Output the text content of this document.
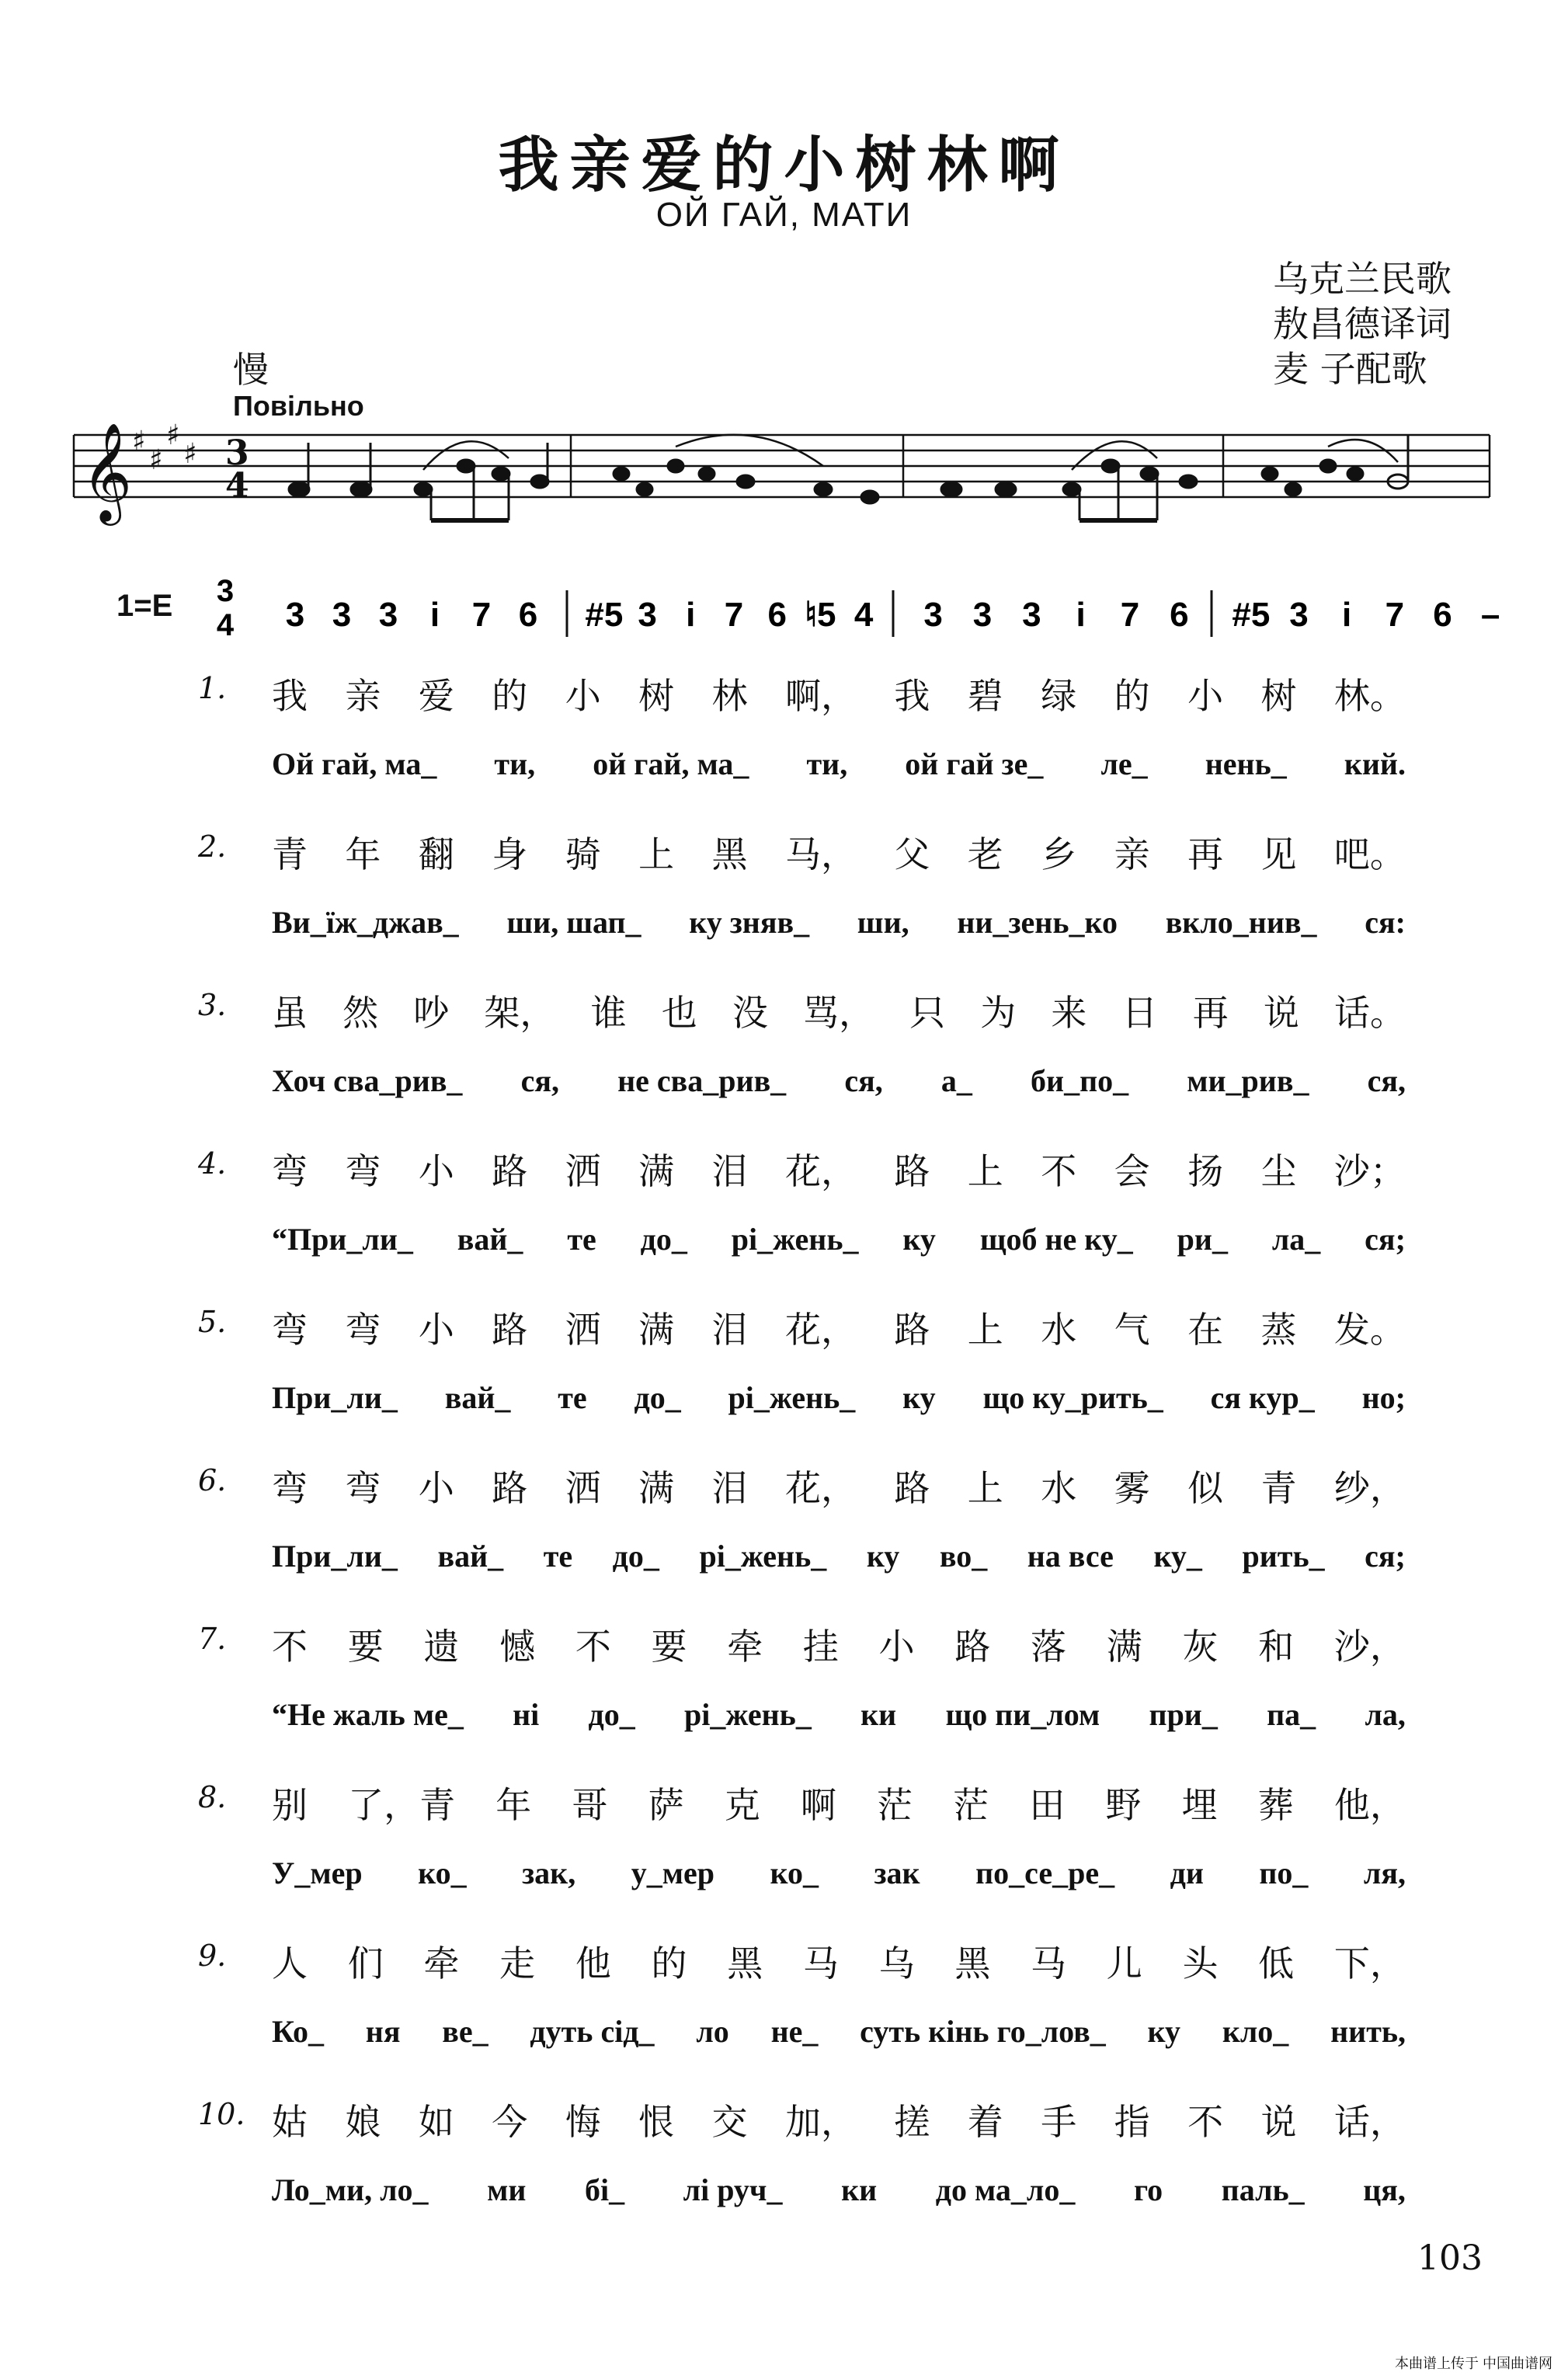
我亲爱的小树林啊
ОЙ ГАЙ, МАТИ
乌克兰民歌
敖昌德译词
麦 子配歌
慢
Повільно
𝄞 ♯
♯
♯
♯ 3
4
1=E 3
4 3 3 3 i 7 6 #5 3 i 7 6 ♮5 4 3 3 3 i 7 6 #5 3 i 7 6 –
1. 我 亲 爱 的 小 树 林 啊， 我 碧 绿 的 小 树 林。
Ой гай, ма_ ти, ой гай, ма_ ти, ой гай зе_ ле_ нень_ кий.
2. 青 年 翻 身 骑 上 黑 马， 父 老 乡 亲 再 见 吧。
Ви_їж_джав_ ши, шап_ ку зняв_ ши, ни_зень_ко вкло_нив_ ся:
3. 虽 然 吵 架， 谁 也 没 骂， 只 为 来 日 再 说 话。
Хоч сва_рив_ ся, не сва_рив_ ся, а_ би_по_ ми_рив_ ся,
4. 弯 弯 小 路 洒 满 泪 花， 路 上 不 会 扬 尘 沙；
“При_ли_ вай_ те до_ рі_жень_ ку щоб не ку_ ри_ ла_ ся;
5. 弯 弯 小 路 洒 满 泪 花， 路 上 水 气 在 蒸 发。
При_ли_ вай_ те до_ рі_жень_ ку що ку_рить_ ся кур_ но;
6. 弯 弯 小 路 洒 满 泪 花， 路 上 水 雾 似 青 纱，
При_ли_ вай_ те до_ рі_жень_ ку во_ на все ку_ рить_ ся;
7. 不 要 遗 憾 不 要 牵 挂 小 路 落 满 灰 和 沙，
“Не жаль ме_ ні до_ рі_жень_ ки що пи_лом при_ па_ ла,
8. 别 了，青 年 哥 萨 克 啊 茫 茫 田 野 埋 葬 他，
У_мер ко_ зак, у_мер ко_ зак по_се_ре_ ди по_ ля,
9. 人 们 牵 走 他 的 黑 马 乌 黑 马 儿 头 低 下，
Ко_ ня ве_ дуть сід_ ло не_ суть кінь го_лов_ ку кло_ нить,
10. 姑 娘 如 今 悔 恨 交 加， 搓 着 手 指 不 说 话，
Ло_ми, ло_ ми бі_ лі руч_ ки до ма_ло_ го паль_ ця,
103
本曲谱上传于 中国曲谱网
